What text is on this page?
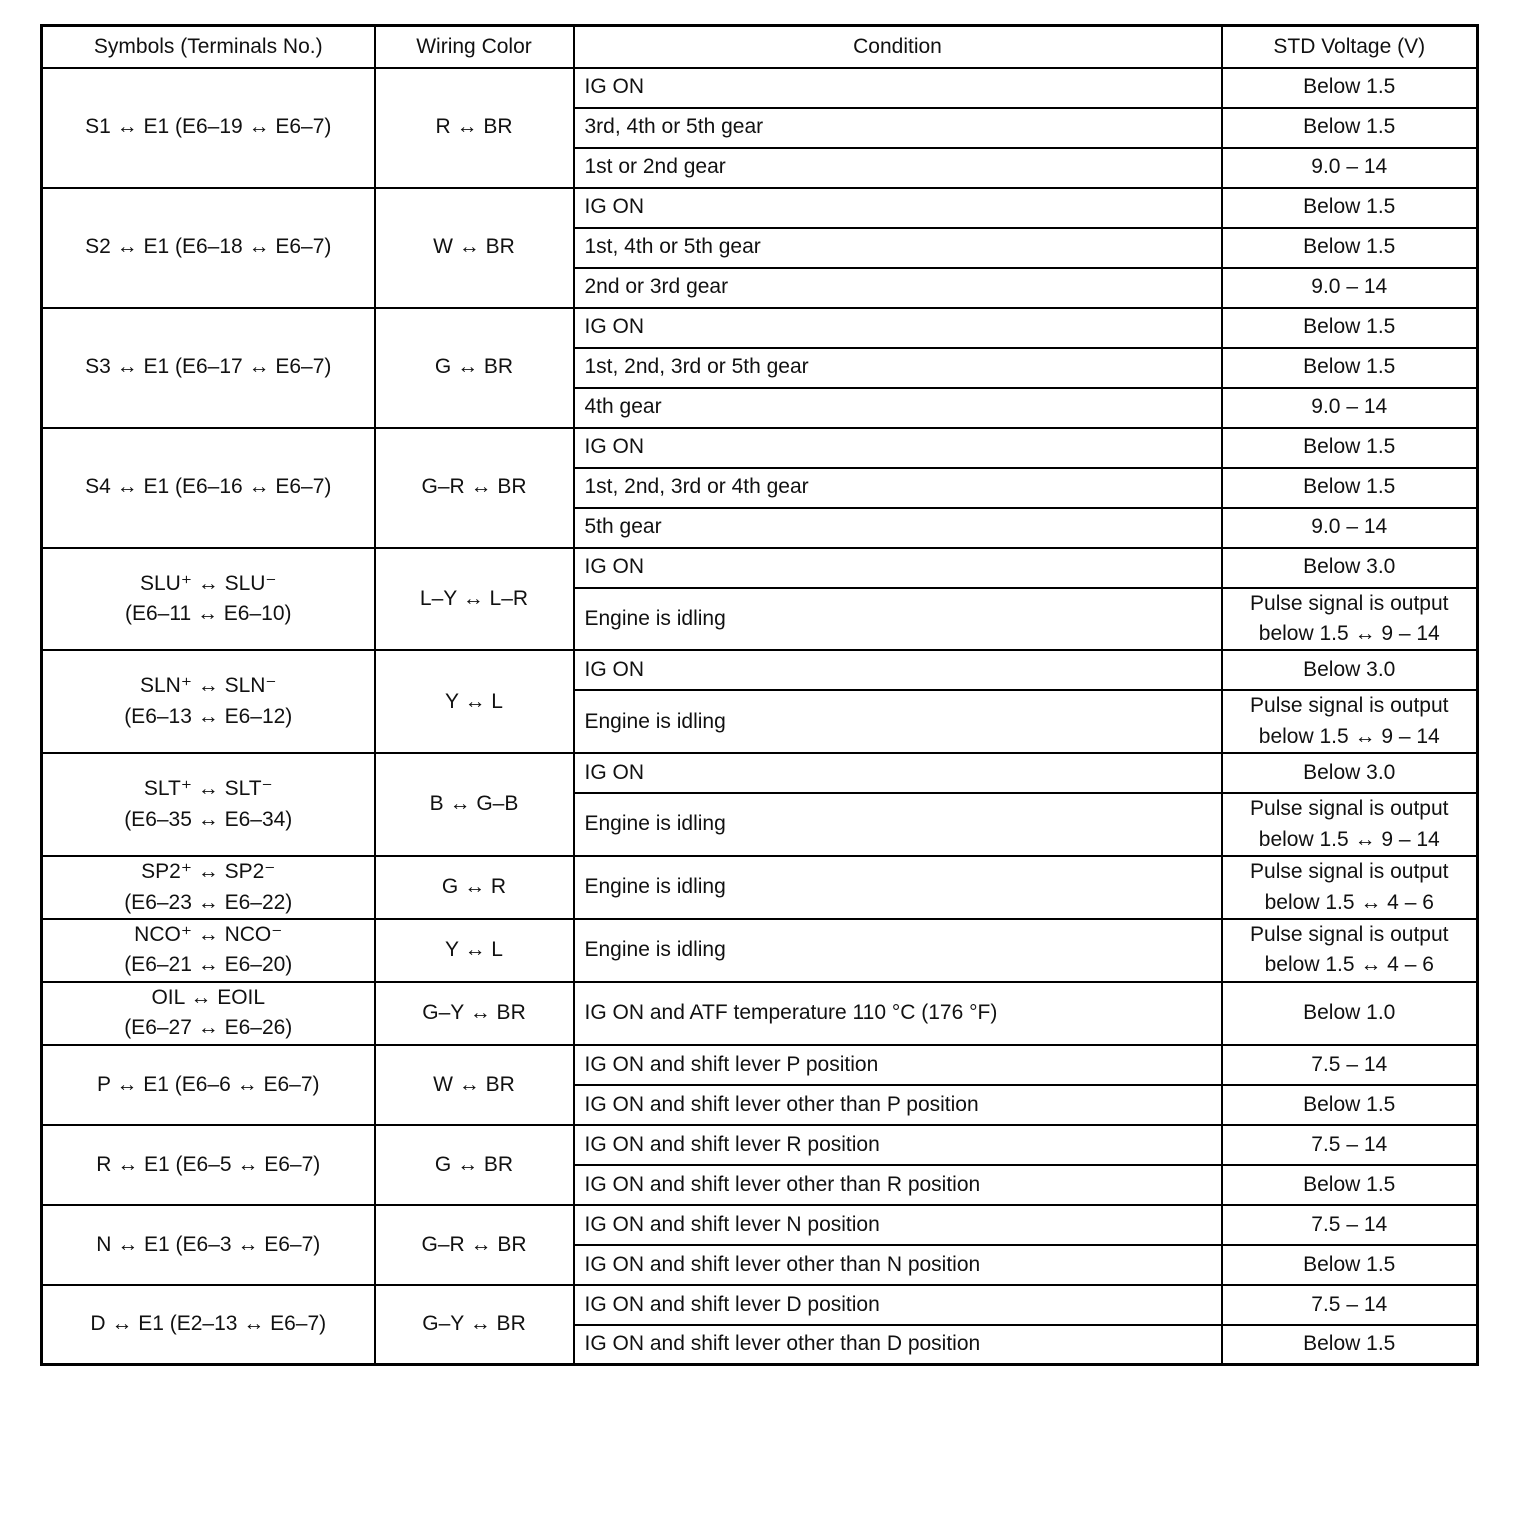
Symbols (Terminals No.)	Wiring Color	Condition	STD Voltage (V)

S1 ↔ E1 (E6–19 ↔ E6–7)	R ↔ BR	IG ON	Below 1.5

		3rd, 4th or 5th gear	Below 1.5

		1st or 2nd gear	9.0 – 14

S2 ↔ E1 (E6–18 ↔ E6–7)	W ↔ BR	IG ON	Below 1.5

		1st, 4th or 5th gear	Below 1.5

		2nd or 3rd gear	9.0 – 14

S3 ↔ E1 (E6–17 ↔ E6–7)	G ↔ BR	IG ON	Below 1.5

		1st, 2nd, 3rd or 5th gear	Below 1.5

		4th gear	9.0 – 14

S4 ↔ E1 (E6–16 ↔ E6–7)	G–R ↔ BR	IG ON	Below 1.5

		1st, 2nd, 3rd or 4th gear	Below 1.5

		5th gear	9.0 – 14

SLU⁺ ↔ SLU⁻
(E6–11 ↔ E6–10)	L–Y ↔ L–R	IG ON	Below 3.0

		Engine is idling	Pulse signal is output
below 1.5 ↔ 9 – 14

SLN⁺ ↔ SLN⁻
(E6–13 ↔ E6–12)	Y ↔ L	IG ON	Below 3.0

		Engine is idling	Pulse signal is output
below 1.5 ↔ 9 – 14

SLT⁺ ↔ SLT⁻
(E6–35 ↔ E6–34)	B ↔ G–B	IG ON	Below 3.0

		Engine is idling	Pulse signal is output
below 1.5 ↔ 9 – 14

SP2⁺ ↔ SP2⁻
(E6–23 ↔ E6–22)	G ↔ R	Engine is idling	Pulse signal is output
below 1.5 ↔ 4 – 6

NCO⁺ ↔ NCO⁻
(E6–21 ↔ E6–20)	Y ↔ L	Engine is idling	Pulse signal is output
below 1.5 ↔ 4 – 6

OIL ↔ EOIL
(E6–27 ↔ E6–26)	G–Y ↔ BR	IG ON and ATF temperature 110 °C (176 °F)	Below 1.0

P ↔ E1 (E6–6 ↔ E6–7)	W ↔ BR	IG ON and shift lever P position	7.5 – 14

		IG ON and shift lever other than P position	Below 1.5

R ↔ E1 (E6–5 ↔ E6–7)	G ↔ BR	IG ON and shift lever R position	7.5 – 14

		IG ON and shift lever other than R position	Below 1.5

N ↔ E1 (E6–3 ↔ E6–7)	G–R ↔ BR	IG ON and shift lever N position	7.5 – 14

		IG ON and shift lever other than N position	Below 1.5

D ↔ E1 (E2–13 ↔ E6–7)	G–Y ↔ BR	IG ON and shift lever D position	7.5 – 14

		IG ON and shift lever other than D position	Below 1.5
